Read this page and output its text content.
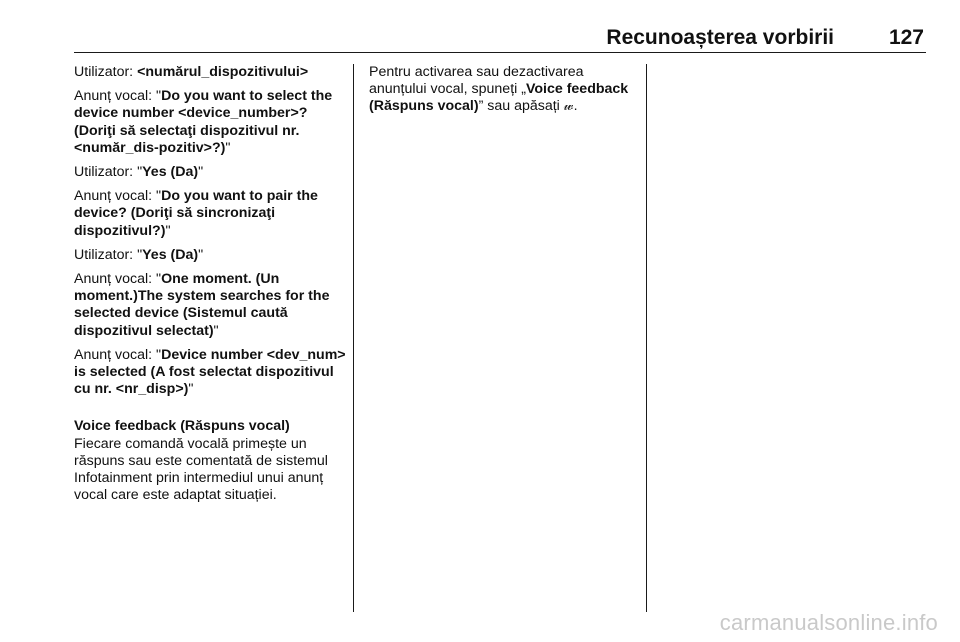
Recunoașterea vorbirii	127

Utilizator: <numărul_dispozitivului>

Anunț vocal: "Do you want to select the device number <device_number>? (Doriţi să selectaţi dispozitivul nr. <număr_dis-pozitiv>?)"

Utilizator: "Yes (Da)"

Anunț vocal: "Do you want to pair the device? (Doriţi să sincronizaţi dispozitivul?)"

Utilizator: "Yes (Da)"

Anunț vocal: "One moment. (Un moment.)The system searches for the selected device (Sistemul caută dispozitivul selectat)"

Anunț vocal: "Device number <dev_num> is selected (A fost selectat dispozitivul cu nr. <nr_disp>)"

Voice feedback (Răspuns vocal)

Fiecare comandă vocală primește un răspuns sau este comentată de sistemul Infotainment prin intermediul unui anunț vocal care este adaptat situației.

Pentru activarea sau dezactivarea anunțului vocal, spuneți „Voice feedback (Răspuns vocal)” sau apăsați 𝓌.

carmanualsonline.info
